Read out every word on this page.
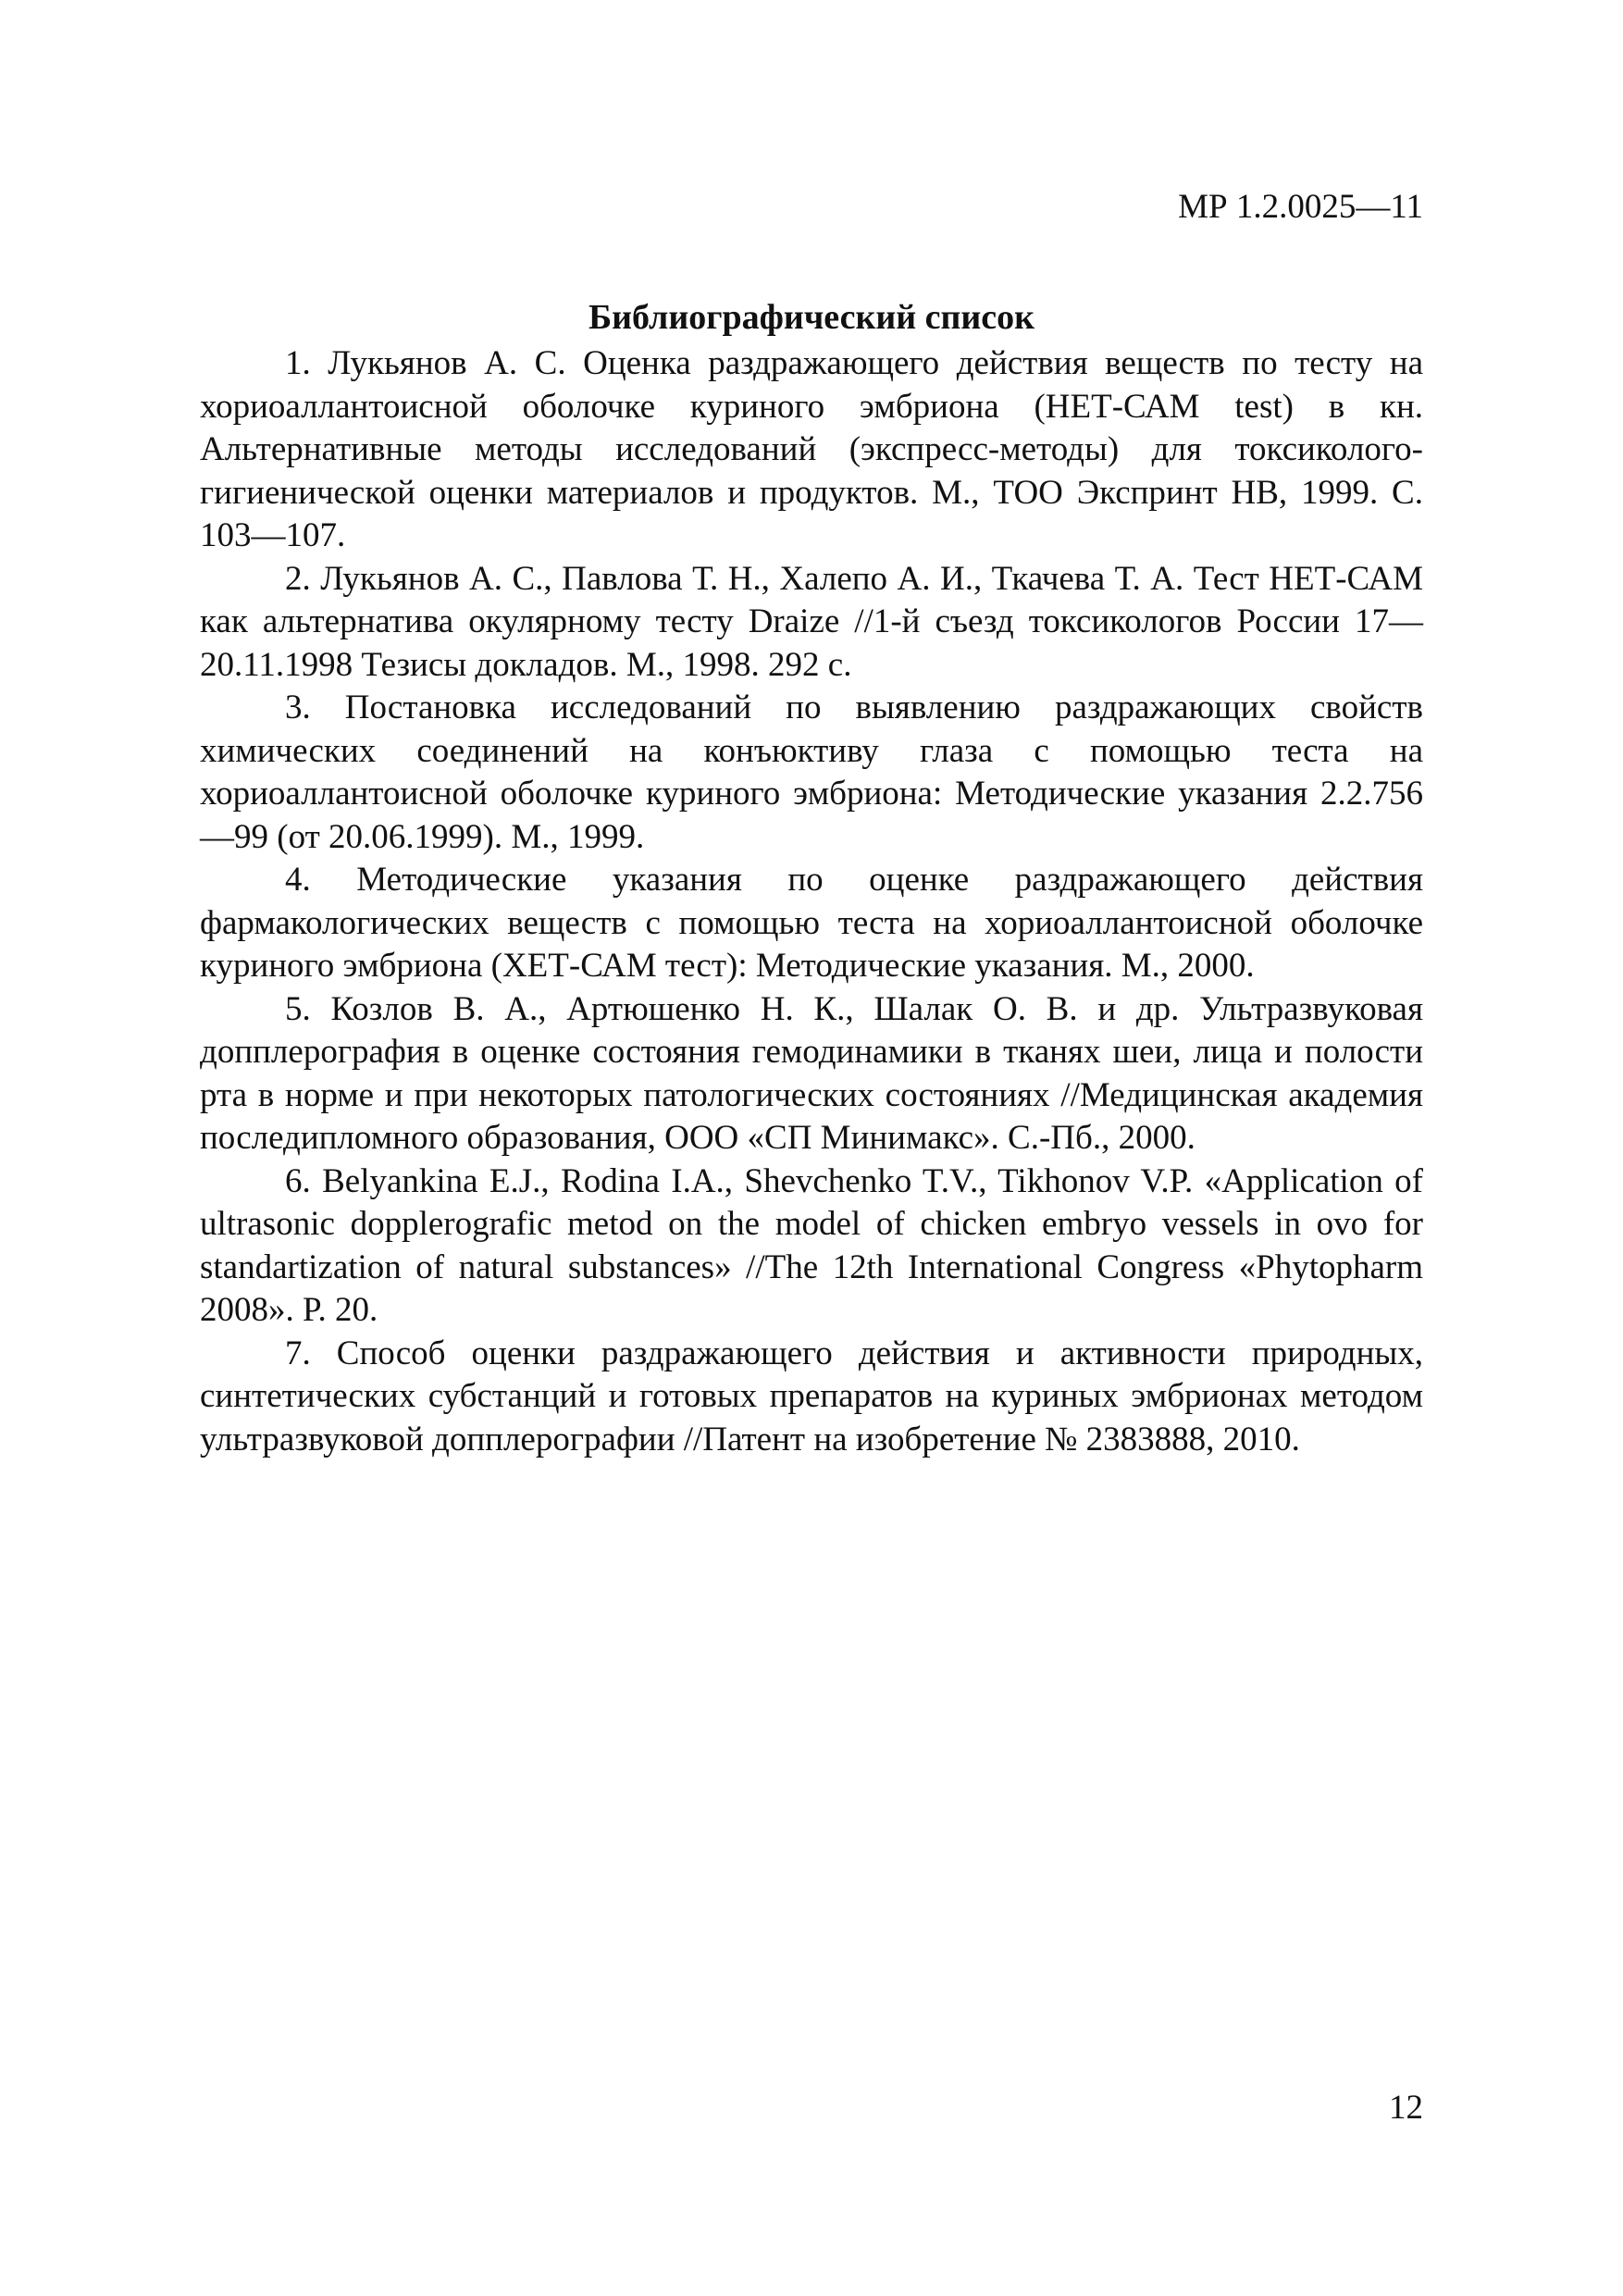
МР 1.2.0025—11
Библиографический список
1. Лукьянов А. С. Оценка раздражающего действия веществ по тесту на хориоаллантоисной оболочке куриного эмбриона (НЕТ-САМ test) в кн. Альтернативные методы исследований (экспресс-методы) для токсиколого-гигиенической оценки материалов и продуктов. М., ТОО Экспринт НВ, 1999. С. 103—107.
2. Лукьянов А. С., Павлова Т. Н., Халепо А. И., Ткачева Т. А. Тест НЕТ-САМ как альтернатива окулярному тесту Draize //1-й съезд токсикологов России 17—20.11.1998 Тезисы докладов. М., 1998. 292 с.
3. Постановка исследований по выявлению раздражающих свойств химических соединений на конъюктиву глаза с помощью теста на хориоаллантоисной оболочке куриного эмбриона: Методические указания 2.2.756—99 (от 20.06.1999). М., 1999.
4. Методические указания по оценке раздражающего действия фармакологических веществ с помощью теста на хориоаллантоисной оболочке куриного эмбриона (ХЕТ-САМ тест): Методические указания. М., 2000.
5. Козлов В. А., Артюшенко Н. К., Шалак О. В. и др. Ультразвуковая допплерография в оценке состояния гемодинамики в тканях шеи, лица и полости рта в норме и при некоторых патологических состояниях //Медицинская академия последипломного образования, ООО «СП Минимакс». С.-Пб., 2000.
6. Belyankina E.J., Rodina I.A., Shevchenko T.V., Tikhonov V.P. «Application of ultrasonic dopplerografic metod on the model of chicken embryo vessels in ovo for standartization of natural substances» //The 12th International Congress «Phytopharm 2008». P. 20.
7. Способ оценки раздражающего действия и активности природных, синтетических субстанций и готовых препаратов на куриных эмбрионах методом ультразвуковой допплерографии //Патент на изобретение № 2383888, 2010.
12
